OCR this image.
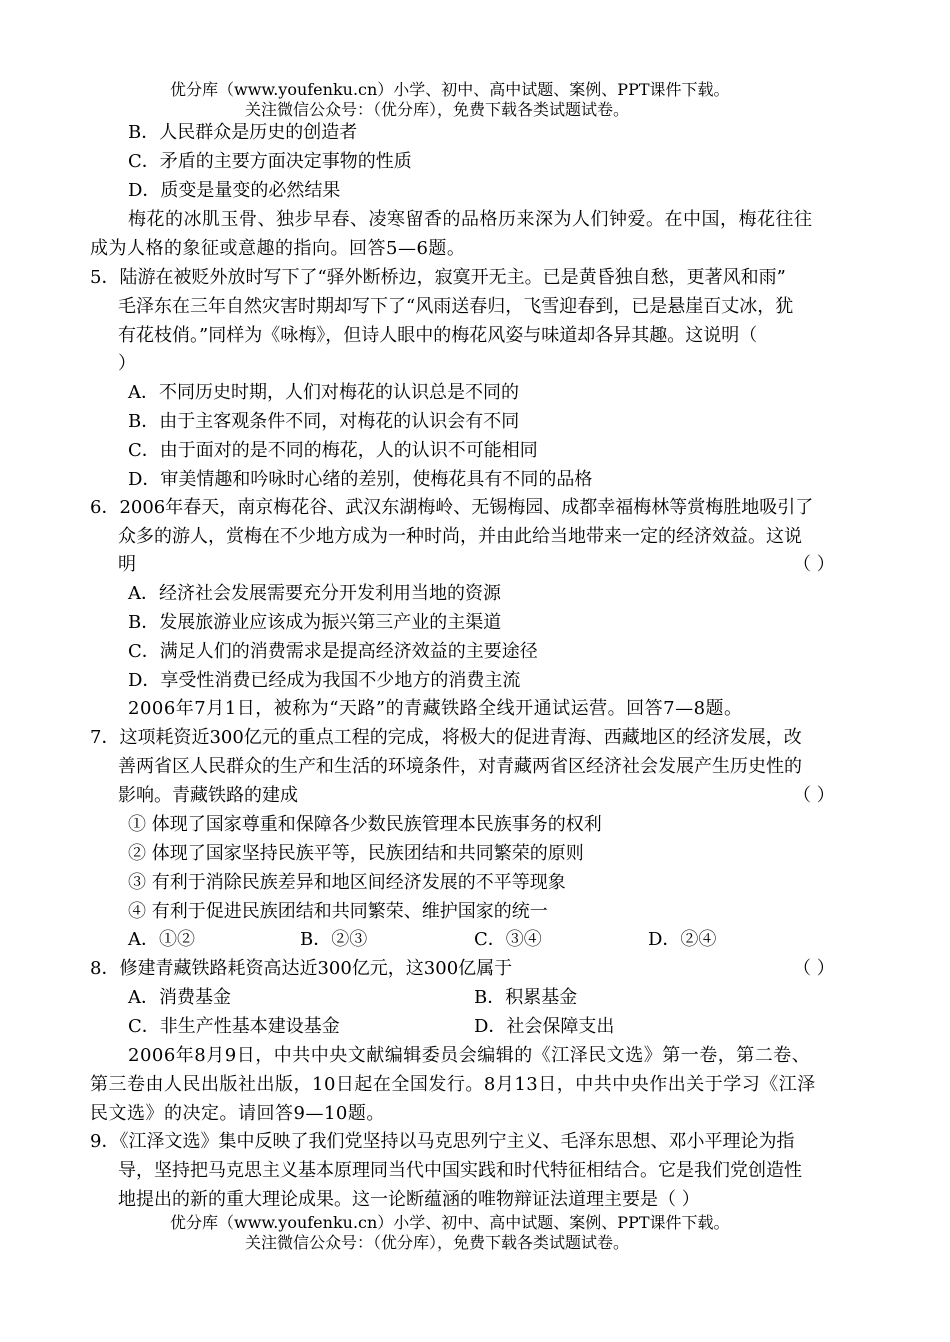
优分库（www.youfenku.cn）小学、初中、高中试题、案例、PPT课件下载。
关注微信公众号：（优分库），免费下载各类试题试卷。
B．人民群众是历史的创造者
C．矛盾的主要方面决定事物的性质
D．质变是量变的必然结果
梅花的冰肌玉骨、独步早春、凌寒留香的品格历来深为人们钟爱。在中国，梅花往往
成为人格的象征或意趣的指向。回答5—6题。
5．陆游在被贬外放时写下了“驿外断桥边，寂寞开无主。已是黄昏独自愁，更著风和雨”
毛泽东在三年自然灾害时期却写下了“风雨送春归，飞雪迎春到，已是悬崖百丈冰，犹
有花枝俏。”同样为《咏梅》，但诗人眼中的梅花风姿与味道却各异其趣。这说明（
）
A．不同历史时期，人们对梅花的认识总是不同的
B．由于主客观条件不同，对梅花的认识会有不同
C．由于面对的是不同的梅花，人的认识不可能相同
D．审美情趣和吟咏时心绪的差别，使梅花具有不同的品格
6．2006年春天，南京梅花谷、武汉东湖梅岭、无锡梅园、成都幸福梅林等赏梅胜地吸引了
众多的游人，赏梅在不少地方成为一种时尚，并由此给当地带来一定的经济效益。这说
明	（ ）
A．经济社会发展需要充分开发利用当地的资源
B．发展旅游业应该成为振兴第三产业的主渠道
C．满足人们的消费需求是提高经济效益的主要途径
D．享受性消费已经成为我国不少地方的消费主流
2006年7月1日，被称为“天路”的青藏铁路全线开通试运营。回答7—8题。
7．这项耗资近300亿元的重点工程的完成，将极大的促进青海、西藏地区的经济发展，改
善两省区人民群众的生产和生活的环境条件，对青藏两省区经济社会发展产生历史性的
影响。青藏铁路的建成	（ ）
① 体现了国家尊重和保障各少数民族管理本民族事务的权利
② 体现了国家坚持民族平等，民族团结和共同繁荣的原则
③ 有利于消除民族差异和地区间经济发展的不平等现象
④ 有利于促进民族团结和共同繁荣、维护国家的统一
A．①②	B．②③	C．③④	D．②④
8．修建青藏铁路耗资高达近300亿元，这300亿属于	（ ）
A．消费基金	B．积累基金
C．非生产性基本建设基金	D．社会保障支出
2006年8月9日，中共中央文献编辑委员会编辑的《江泽民文选》第一卷，第二卷、
第三卷由人民出版社出版，10日起在全国发行。8月13日，中共中央作出关于学习《江泽
民文选》的决定。请回答9—10题。
9．《江泽文选》集中反映了我们党坚持以马克思列宁主义、毛泽东思想、邓小平理论为指
导，坚持把马克思主义基本原理同当代中国实践和时代特征相结合。它是我们党创造性
地提出的新的重大理论成果。这一论断蕴涵的唯物辩证法道理主要是（ ）
优分库（www.youfenku.cn）小学、初中、高中试题、案例、PPT课件下载。
关注微信公众号：（优分库），免费下载各类试题试卷。
